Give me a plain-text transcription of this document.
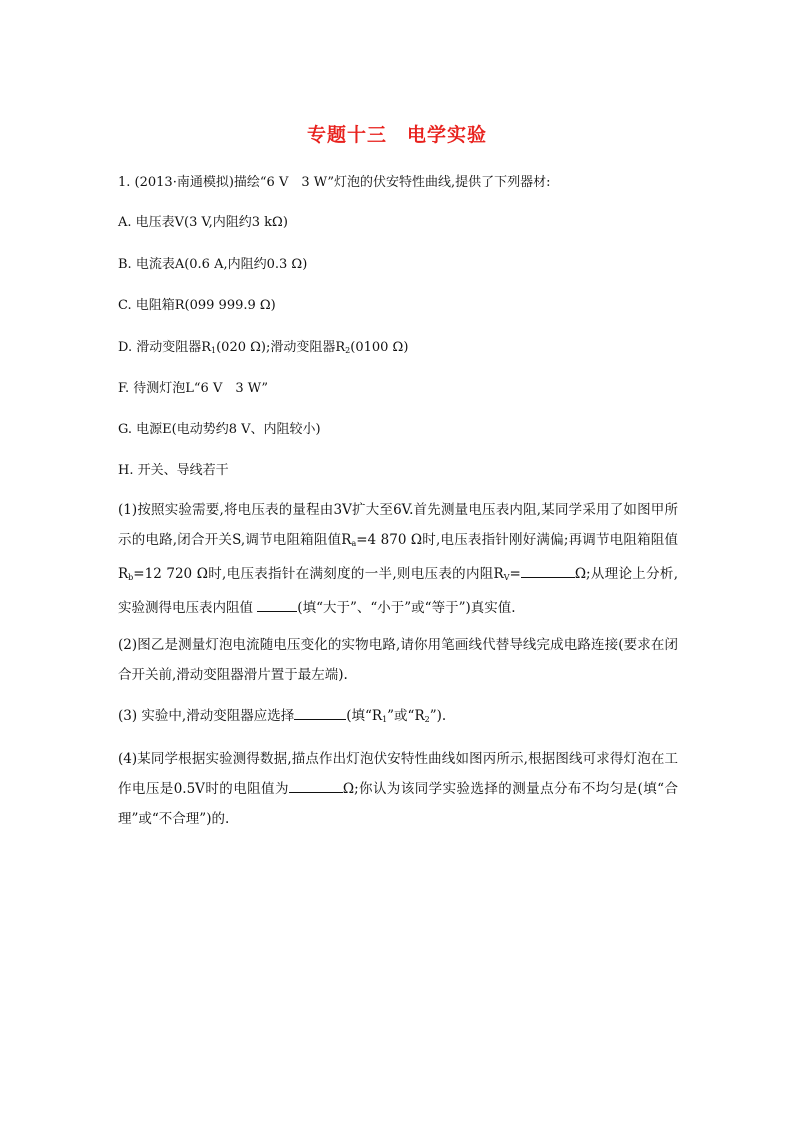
专题十三　电学实验
1. (2013·南通模拟)描绘“6 V　3 W”灯泡的伏安特性曲线,提供了下列器材:
A. 电压表V(3 V,内阻约3 kΩ)
B. 电流表A(0.6 A,内阻约0.3 Ω)
C. 电阻箱R(099 999.9 Ω)
D. 滑动变阻器$R_1(020$ Ω);滑动变阻器$R_2(0100$ Ω)
F. 待测灯泡L“6 V　3 W”
G. 电源E(电动势约8 V、内阻较小)
H. 开关、导线若干
(1)按照实验需要,将电压表的量程由3V扩大至6V.首先测量电压表内阻,某同学采用了如图甲所示的电路,闭合开关S,调节电阻箱阻值$R_a=4$ 870 Ω时,电压表指针刚好满偏;再调节电阻箱阻值$R_b=12$ 720 Ω时,电压表指针在满刻度的一半,则电压表的内阻$R_V=$	Ω;从理论上分析,实验测得电压表内阻值	(填“大于”、“小于”或“等于”)真实值.
(2)图乙是测量灯泡电流随电压变化的实物电路,请你用笔画线代替导线完成电路连接(要求在闭合开关前,滑动变阻器滑片置于最左端).
(3) 实验中,滑动变阻器应选择	(填“$R_1$”或“$R_2$”).
(4)某同学根据实验测得数据,描点作出灯泡伏安特性曲线如图丙所示,根据图线可求得灯泡在工作电压是0.5V时的电阻值为	Ω;你认为该同学实验选择的测量点分布不均匀是(填“合理”或“不合理”)的.
